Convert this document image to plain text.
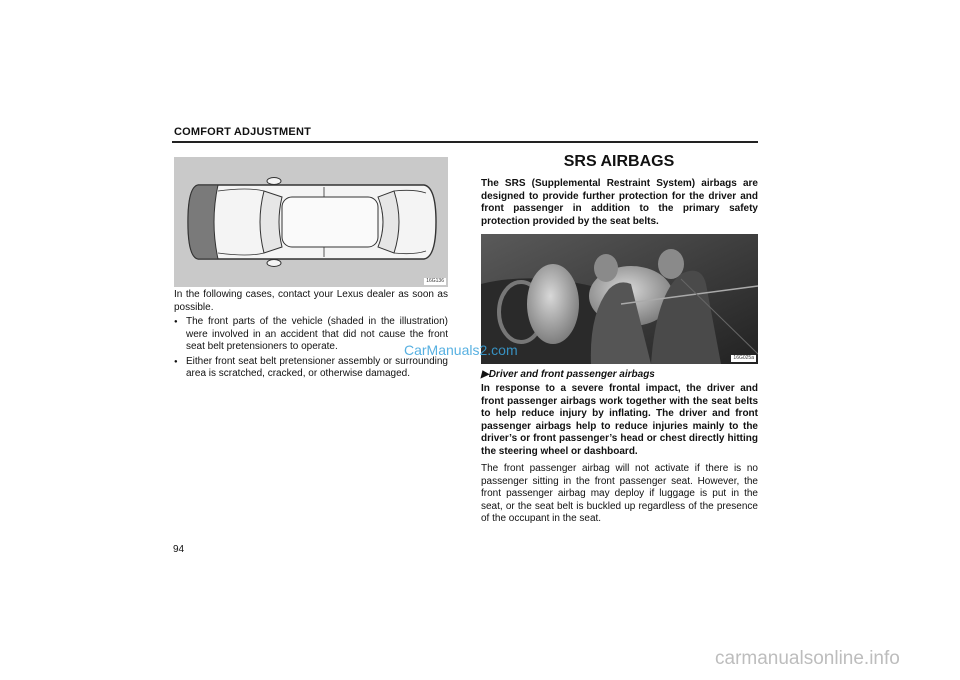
COMFORT ADJUSTMENT
16G136

In the following cases, contact your Lexus dealer as soon as possible.

● The front parts of the vehicle (shaded in the illustration) were involved in an accident that did not cause the front seat belt pretensioners to operate.
● Either front seat belt pretensioner assembly or surrounding area is scratched, cracked, or otherwise damaged.
SRS AIRBAGS
The SRS (Supplemental Restraint System) airbags are designed to provide further protection for the driver and front passenger in addition to the primary safety protection provided by the seat belts.
16G025a
▶Driver and front passenger airbags
In response to a severe frontal impact, the driver and front passenger airbags work together with the seat belts to help reduce injury by inflating. The driver and front passenger airbags help to reduce injuries mainly to the driver’s or front passenger’s head or chest directly hitting the steering wheel or dashboard.
The front passenger airbag will not activate if there is no passenger sitting in the front passenger seat. However, the front passenger airbag may deploy if luggage is put in the seat, or the seat belt is buckled up regardless of the presence of the occupant in the seat.
CarManuals2.com
94
carmanualsonline.info
